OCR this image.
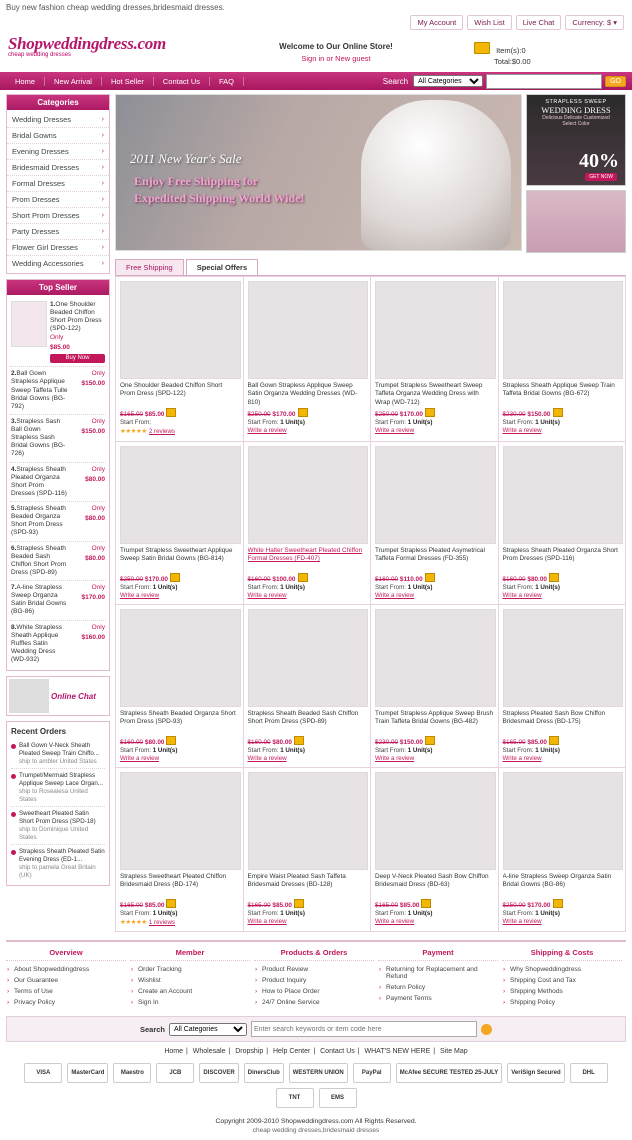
Buy new fashion cheap wedding dresses,bridesmaid dresses.
My Account	Wish List	Live Chat	Currency: $ ▾
Shopweddingdress.com
cheap wedding dresses
Welcome to Our Online Store!
Sign in or New guest
Item(s):0
Total:$0.00
Home	New Arrival	Hot Seller	Contact Us	FAQ	Search
All Categories	GO
Categories
Wedding Dresses	›
Bridal Gowns	›
Evening Dresses	›
Bridesmaid Dresses	›
Formal Dresses	›
Prom Dresses	›
Short Prom Dresses	›
Party Dresses	›
Flower Girl Dresses	›
Wedding Accessories	›
Top Seller
1.One Shoulder Beaded Chiffon Short Prom Dress (SPD-122)
Only
$85.00
Buy Now
2.Ball Gown Strapless Applique Sweep Taffeta Tulle Bridal Gowns (BG-792)
Only
$150.00
3.Strapless Sash Ball Gown Strapless Sash Bridal Gowns (BG-726)
Only
$150.00
4.Strapless Sheath Pleated Organza Short Prom Dresses (SPD-116)
Only
$80.00
5.Strapless Sheath Beaded Organza Short Prom Dress (SPD-93)
Only
$80.00
6.Strapless Sheath Beaded Sash Chiffon Short Prom Dress (SPD-89)
Only
$80.00
7.A-line Strapless Sweep Organza Satin Bridal Gowns (BG-86)
Only
$170.00
8.White Strapless Sheath Applique Ruffles Satin Wedding Dress (WD-932)
Only
$160.00
Online Chat
Recent Orders
Ball Gown V-Neck Sheath Pleated Sweep Train Chiffo...
ship to ambler United States
Trumpet/Mermaid Strapless Applique Sweep Lace Organ...
ship to Roseaiesa United States
Sweetheart Pleated Satin Short Prom Dress (SPD-18)
ship to Dominique United States
Strapless Sheath Pleated Satin Evening Dress (ED-1...
ship to pamela Great Britain (UK)
2011 New Year's Sale
Enjoy Free Shipping for
Expedited Shipping World Wide!
STRAPLESS SWEEP
WEDDING DRESS
Delicious Delicate Customized
Select Color
40%
GET NOW
Free Shipping	Special Offers
One Shoulder Beaded Chiffon Short Prom Dress (SPD-122)
$165.00 $85.00
Start From:
★★★★★ 2 reviews
Ball Gown Strapless Applique Sweep Satin Organza Wedding Dresses (WD-810)
$250.00 $170.00
Start From: 1 Unit(s)
Write a review
Trumpet Strapless Sweetheart Sweep Taffeta Organza Wedding Dress with Wrap (WD-712)
$250.00 $170.00
Start From: 1 Unit(s)
Write a review
Strapless Sheath Applique Sweep Train Taffeta Bridal Gowns (BG-672)
$230.00 $150.00
Start From: 1 Unit(s)
Write a review
Trumpet Strapless Sweetheart Applique Sweep Satin Bridal Gowns (BG-814)
$250.00 $170.00
Start From: 1 Unit(s)
Write a review
White Halter Sweetheart Pleated Chiffon Formal Dresses (FD-407)
$160.00 $100.00
Start From: 1 Unit(s)
Write a review
Trumpet Strapless Pleated Asymetrical Taffeta Formal Dresses (FD-355)
$160.00 $110.00
Start From: 1 Unit(s)
Write a review
Strapless Sheath Pleated Organza Short Prom Dresses (SPD-116)
$160.00 $80.00
Start From: 1 Unit(s)
Write a review
Strapless Sheath Beaded Organza Short Prom Dress (SPD-93)
$160.00 $80.00
Start From: 1 Unit(s)
Write a review
Strapless Sheath Beaded Sash Chiffon Short Prom Dress (SPD-89)
$160.00 $80.00
Start From: 1 Unit(s)
Write a review
Trumpet Strapless Applique Sweep Brush Train Taffeta Bridal Gowns (BG-482)
$230.00 $150.00
Start From: 1 Unit(s)
Write a review
Strapless Pleated Sash Bow Chiffon Bridesmaid Dress (BD-175)
$165.00 $85.00
Start From: 1 Unit(s)
Write a review
Strapless Sweetheart Pleated Chiffon Bridesmaid Dress (BD-174)
$165.00 $85.00
Start From: 1 Unit(s)
★★★★★ 1 reviews
Empire Waist Pleated Sash Taffeta Bridesmaid Dresses (BD-128)
$165.00 $85.00
Start From: 1 Unit(s)
Write a review
Deep V-Neck Pleated Sash Bow Chiffon Bridesmaid Dress (BD-63)
$165.00 $85.00
Start From: 1 Unit(s)
Write a review
A-line Strapless Sweep Organza Satin Bridal Gowns (BG-86)
$250.00 $170.00
Start From: 1 Unit(s)
Write a review
Overview
› About Shopweddingdress
› Our Guarantee
› Terms of Use
› Privacy Policy
Member
› Order Tracking
› Wishlist
› Create an Account
› Sign In
Products & Orders
› Product Review
› Product Inquiry
› How to Place Order
› 24/7 Online Service
Payment
› Returning for Replacement and Refund
› Return Policy
› Payment Terms
Shipping & Costs
› Why Shopweddingdress
› Shipping Cost and Tax
› Shipping Methods
› Shipping Policy
Search
All Categories
Enter search keywords or item code here
Home | Wholesale | Dropship | Help Center | Contact Us | WHAT'S NEW HERE | Site Map
VISA	MasterCard	Maestro	JCB	DISCOVER	DinersClub	WESTERN UNION	PayPal	McAfee SECURE TESTED 25-JULY	VeriSign Secured	DHL
TNT	EMS
Copyright 2009-2010 Shopweddingdress.com All Rights Reserved.
cheap wedding dresses,bridesmaid dresses
